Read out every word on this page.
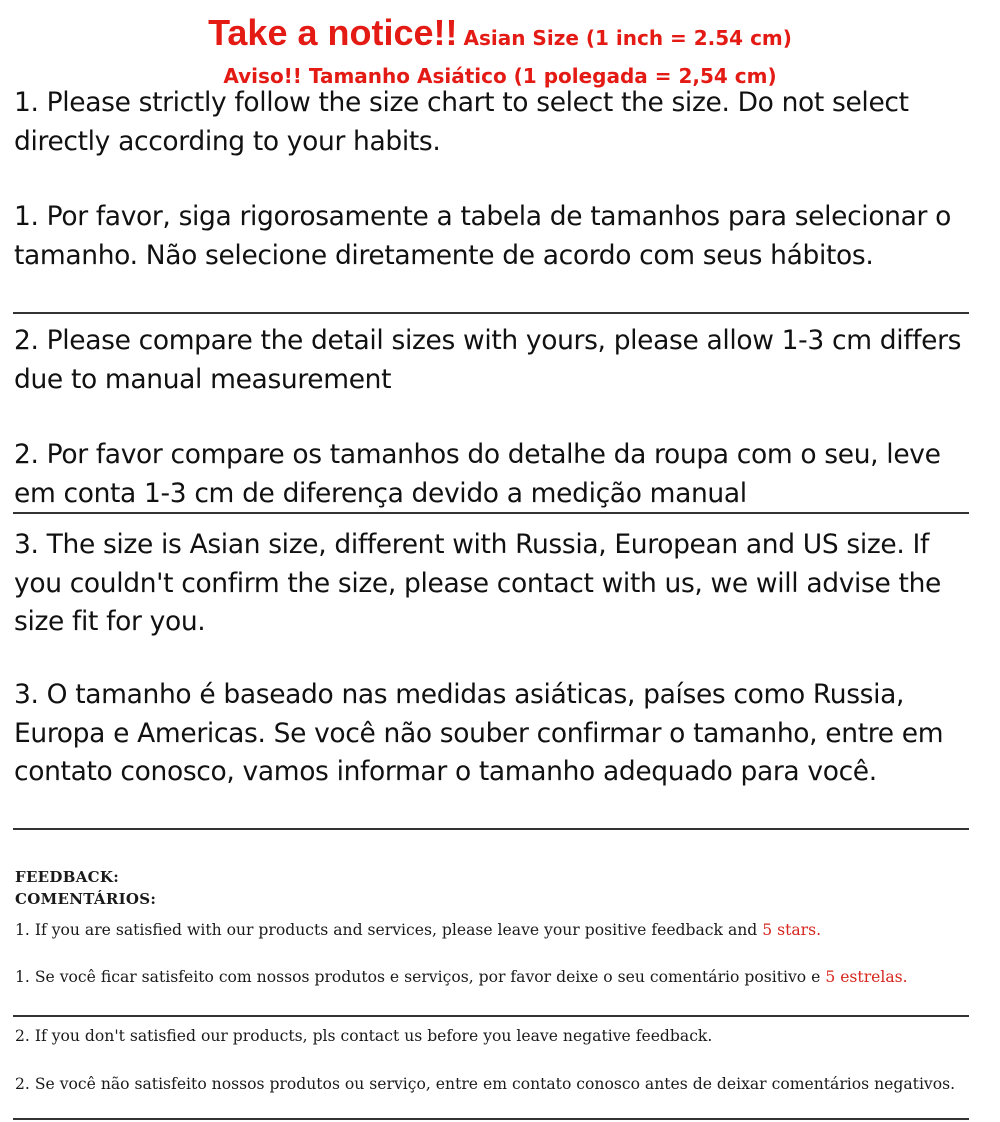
Take a notice!! Asian Size (1 inch = 2.54 cm)
Aviso!! Tamanho Asiático (1 polegada = 2,54 cm)
1. Please strictly follow the size chart to select the size. Do not select directly according to your habits.
1. Por favor, siga rigorosamente a tabela de tamanhos para selecionar o tamanho. Não selecione diretamente de acordo com seus hábitos.
2. Please compare the detail sizes with yours, please allow 1-3 cm differs due to manual measurement
2. Por favor compare os tamanhos do detalhe da roupa com o seu, leve em conta 1-3 cm de diferença devido a medição manual
3. The size is Asian size, different with Russia, European and US size. If you couldn't confirm the size, please contact with us, we will advise the size fit for you.
3. O tamanho é baseado nas medidas asiáticas, países como Russia, Europa e Americas. Se você não souber confirmar o tamanho, entre em contato conosco, vamos informar o tamanho adequado para você.
FEEDBACK:
COMENTÁRIOS:
1. If you are satisfied with our products and services, please leave your positive feedback and 5 stars.
1. Se você ficar satisfeito com nossos produtos e serviços, por favor deixe o seu comentário positivo e 5 estrelas.
2. If you don't satisfied our products, pls contact us before you leave negative feedback.
2. Se você não satisfeito nossos produtos ou serviço, entre em contato conosco antes de deixar comentários negativos.
